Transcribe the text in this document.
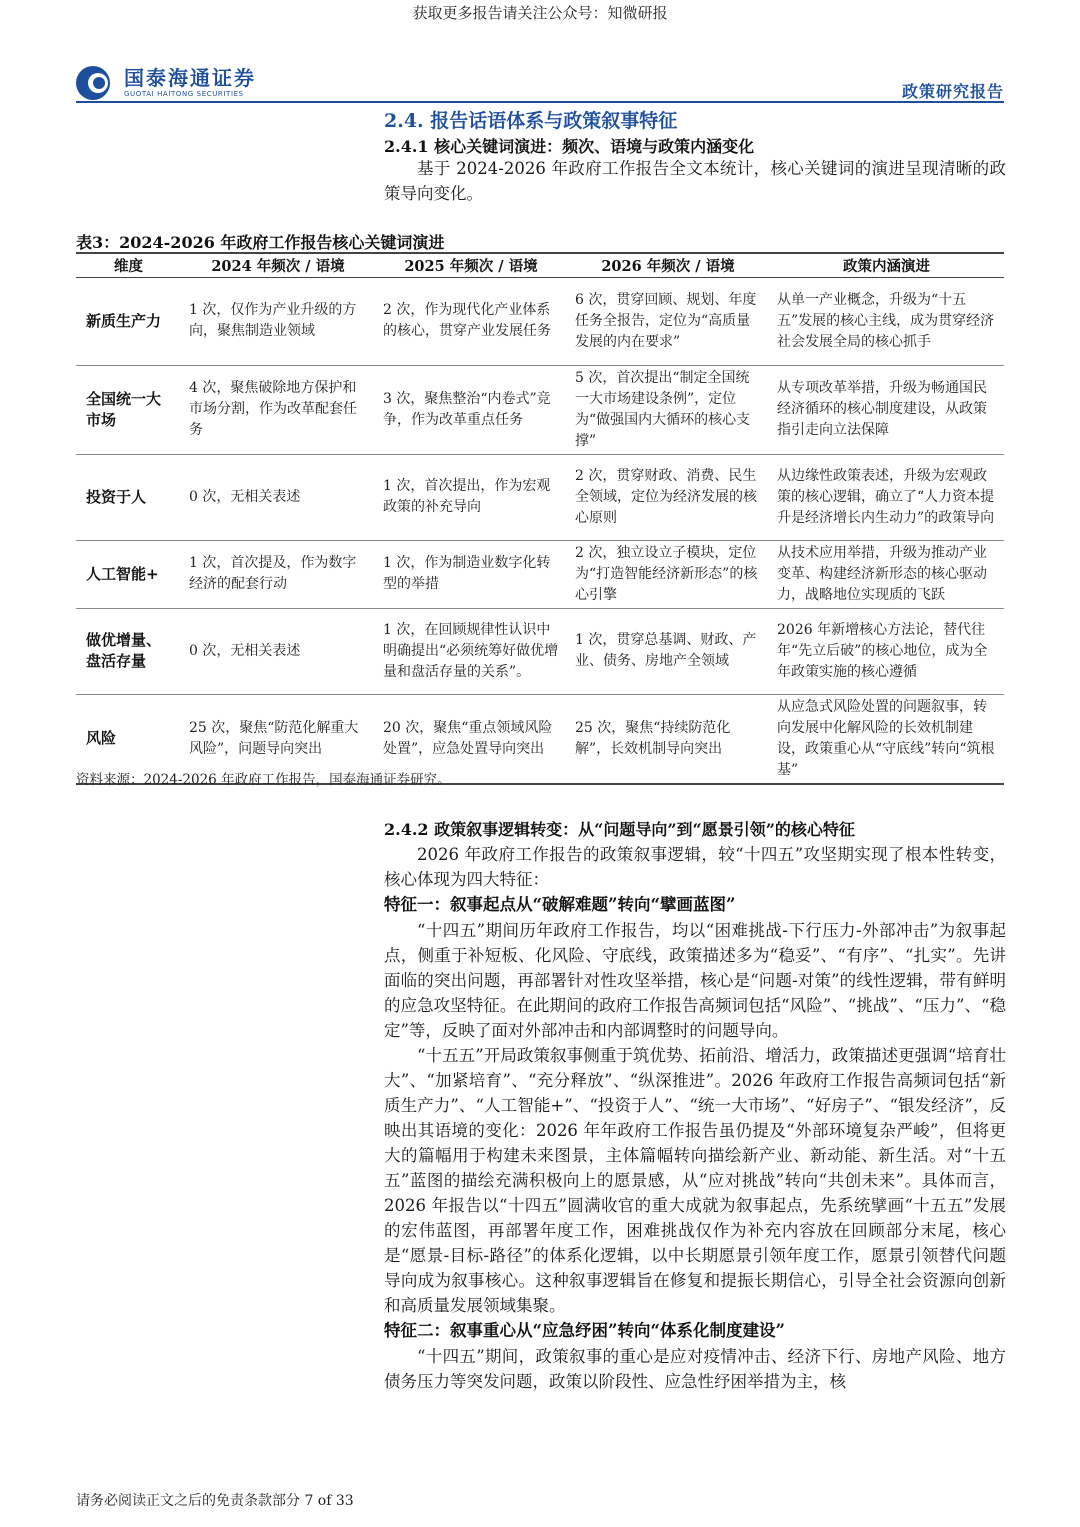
获取更多报告请关注公众号：知微研报
国泰海通证券
GUOTAI HAITONG SECURITIES	政策研究报告
2.4. 报告话语体系与政策叙事特征
2.4.1 核心关键词演进：频次、语境与政策内涵变化
基于 2024-2026 年政府工作报告全文本统计，核心关键词的演进呈现清晰的政策导向变化。
表3：2024-2026 年政府工作报告核心关键词演进
维度	2024 年频次 / 语境	2025 年频次 / 语境	2026 年频次 / 语境	政策内涵演进
新质生产力	1 次，仅作为产业升级的方向，聚焦制造业领域	2 次，作为现代化产业体系的核心，贯穿产业发展任务	6 次，贯穿回顾、规划、年度任务全报告，定位为“高质量发展的内在要求”	从单一产业概念，升级为“十五五”发展的核心主线，成为贯穿经济社会发展全局的核心抓手
全国统一大市场	4 次，聚焦破除地方保护和市场分割，作为改革配套任务	3 次，聚焦整治“内卷式”竞争，作为改革重点任务	5 次，首次提出“制定全国统一大市场建设条例”，定位为“做强国内大循环的核心支撑”	从专项改革举措，升级为畅通国民经济循环的核心制度建设，从政策指引走向立法保障
投资于人	0 次，无相关表述	1 次，首次提出，作为宏观政策的补充导向	2 次，贯穿财政、消费、民生全领域，定位为经济发展的核心原则	从边缘性政策表述，升级为宏观政策的核心逻辑，确立了“人力资本提升是经济增长内生动力”的政策导向
人工智能+	1 次，首次提及，作为数字经济的配套行动	1 次，作为制造业数字化转型的举措	2 次，独立设立子模块，定位为“打造智能经济新形态”的核心引擎	从技术应用举措，升级为推动产业变革、构建经济新形态的核心驱动力，战略地位实现质的飞跃
做优增量、盘活存量	0 次，无相关表述	1 次，在回顾规律性认识中明确提出“必须统筹好做优增量和盘活存量的关系”。	1 次，贯穿总基调、财政、产业、债务、房地产全领域	2026 年新增核心方法论，替代往年“先立后破”的核心地位，成为全年政策实施的核心遵循
风险	25 次，聚焦“防范化解重大风险”，问题导向突出	20 次，聚焦“重点领域风险处置”，应急处置导向突出	25 次，聚焦“持续防范化解”，长效机制导向突出	从应急式风险处置的问题叙事，转向发展中化解风险的长效机制建设，政策重心从“守底线”转向“筑根基”
资料来源：2024-2026 年政府工作报告，国泰海通证券研究。
2.4.2 政策叙事逻辑转变：从“问题导向”到“愿景引领”的核心特征
2026 年政府工作报告的政策叙事逻辑，较“十四五”攻坚期实现了根本性转变，核心体现为四大特征：
特征一：叙事起点从“破解难题”转向“擘画蓝图”
“十四五”期间历年政府工作报告，均以“困难挑战-下行压力-外部冲击”为叙事起点，侧重于补短板、化风险、守底线，政策描述多为“稳妥”、“有序”、“扎实”。先讲面临的突出问题，再部署针对性攻坚举措，核心是“问题-对策”的线性逻辑，带有鲜明的应急攻坚特征。在此期间的政府工作报告高频词包括“风险”、“挑战”、“压力”、“稳定”等，反映了面对外部冲击和内部调整时的问题导向。
“十五五”开局政策叙事侧重于筑优势、拓前沿、增活力，政策描述更强调“培育壮大”、“加紧培育”、“充分释放”、“纵深推进”。2026 年政府工作报告高频词包括“新质生产力”、“人工智能+”、“投资于人”、“统一大市场”、“好房子”、“银发经济”，反映出其语境的变化：2026 年年政府工作报告虽仍提及“外部环境复杂严峻”，但将更大的篇幅用于构建未来图景，主体篇幅转向描绘新产业、新动能、新生活。对“十五五”蓝图的描绘充满积极向上的愿景感，从“应对挑战”转向“共创未来”。具体而言，2026 年报告以“十四五”圆满收官的重大成就为叙事起点，先系统擘画“十五五”发展的宏伟蓝图，再部署年度工作，困难挑战仅作为补充内容放在回顾部分末尾，核心是“愿景-目标-路径”的体系化逻辑，以中长期愿景引领年度工作，愿景引领替代问题导向成为叙事核心。这种叙事逻辑旨在修复和提振长期信心，引导全社会资源向创新和高质量发展领域集聚。
特征二：叙事重心从“应急纾困”转向“体系化制度建设”
“十四五”期间，政策叙事的重心是应对疫情冲击、经济下行、房地产风险、地方债务压力等突发问题，政策以阶段性、应急性纾困举措为主，核
请务必阅读正文之后的免责条款部分 7 of 33
